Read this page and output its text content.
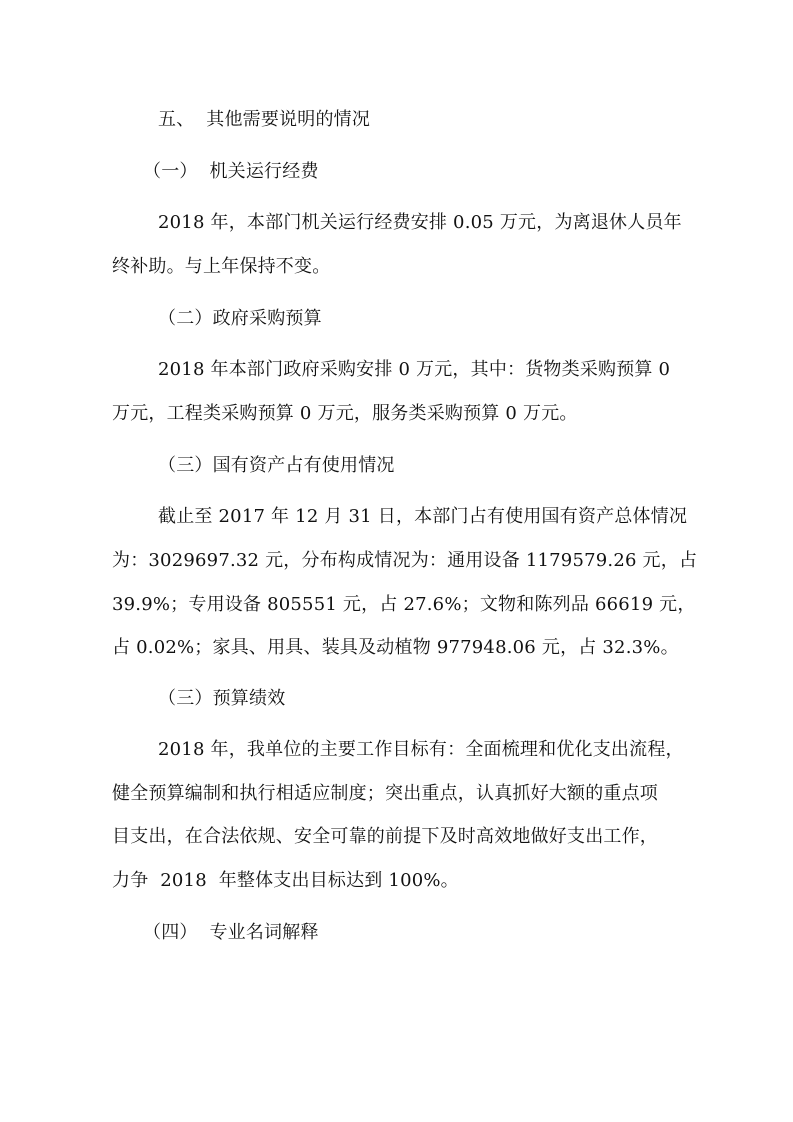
五、  其他需要说明的情况
（一）  机关运行经费
2018 年，本部门机关运行经费安排 0.05 万元，为离退休人员年
终补助。与上年保持不变。
（二）政府采购预算
2018 年本部门政府采购安排 0 万元，其中：货物类采购预算 0
万元，工程类采购预算 0 万元，服务类采购预算 0 万元。
（三）国有资产占有使用情况
截止至 2017 年 12 月 31 日，本部门占有使用国有资产总体情况
为：3029697.32 元，分布构成情况为：通用设备 1179579.26 元，占
39.9%；专用设备 805551 元，占 27.6%；文物和陈列品 66619 元，
占 0.02%；家具、用具、装具及动植物 977948.06 元，占 32.3%。
（三）预算绩效
2018 年，我单位的主要工作目标有：全面梳理和优化支出流程，
健全预算编制和执行相适应制度；突出重点，认真抓好大额的重点项
目支出，在合法依规、安全可靠的前提下及时高效地做好支出工作，
力争  2018  年整体支出目标达到 100%。
（四）  专业名词解释
